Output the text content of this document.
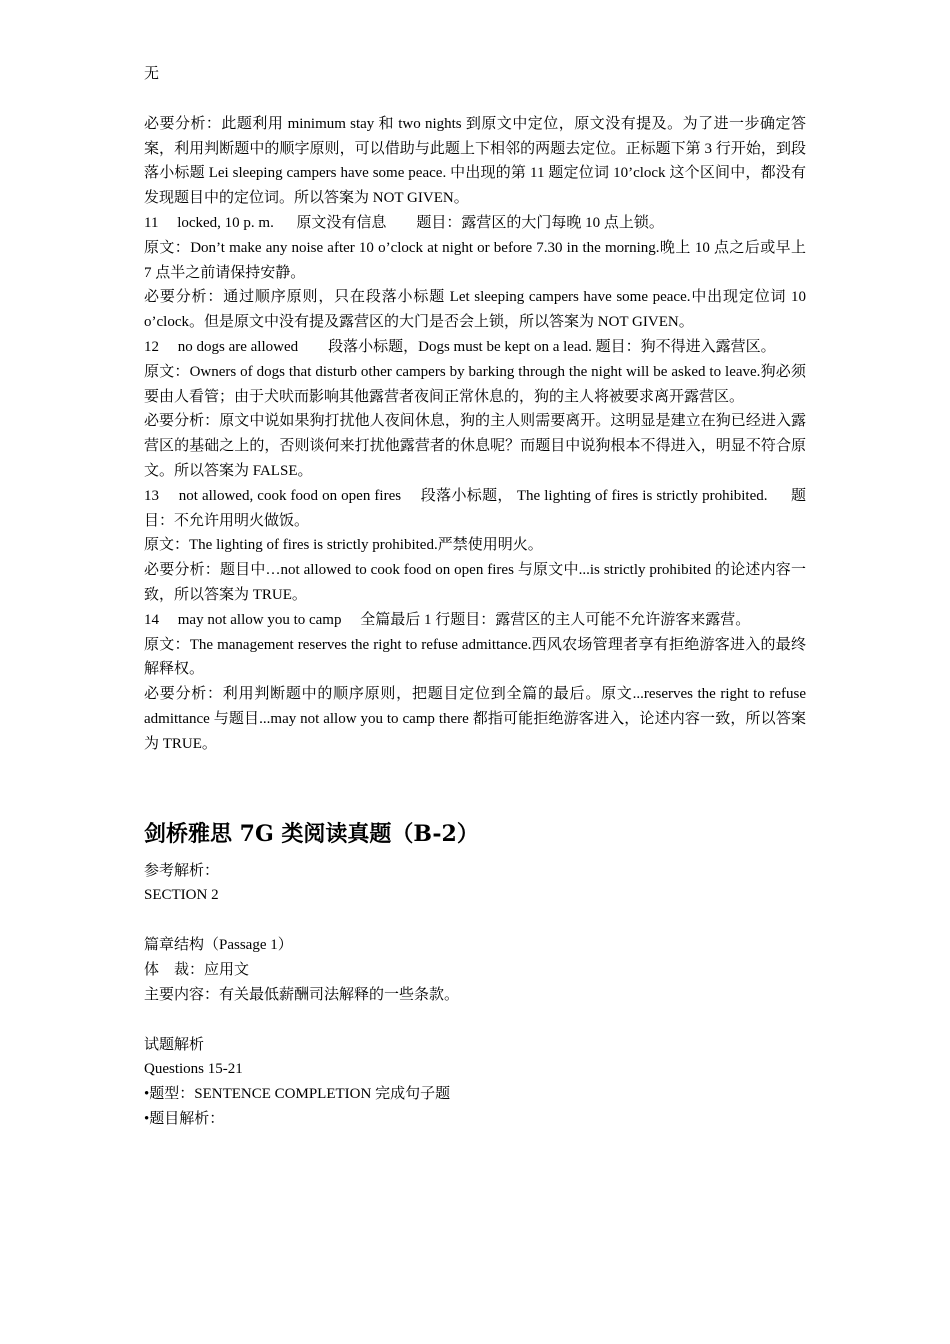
无

必要分析：此题利用 minimum stay 和 two nights 到原文中定位，原文没有提及。为了进一步确定答案，利用判断题中的顺字原则，可以借助与此题上下相邻的两题去定位。正标题下第 3 行开始，到段落小标题 Lei sleeping campers have some peace. 中出现的第 11 题定位词 10’clock 这个区间中，都没有发现题目中的定位词。所以答案为 NOT GIVEN。

11　 locked, 10 p. m. 　 原文没有信息　　题目：露营区的大门每晚 10 点上锁。

原文：Don’t make any noise after 10 o’clock at night or before 7.30 in the morning.晚上 10 点之后或早上 7 点半之前请保持安静。

必要分析：通过顺序原则，只在段落小标题 Let sleeping campers have some peace.中出现定位词 10 o’clock。但是原文中没有提及露营区的大门是否会上锁，所以答案为 NOT GIVEN。

12　 no dogs are allowed　　段落小标题，Dogs must be kept on a lead. 题目：狗不得进入露营区。

原文：Owners of dogs that disturb other campers by barking through the night will be asked to leave.狗必须要由人看管；由于犬吠而影响其他露营者夜间正常休息的，狗的主人将被要求离开露营区。

必要分析：原文中说如果狗打扰他人夜间休息，狗的主人则需要离开。这明显是建立在狗已经进入露营区的基础之上的，否则谈何来打扰他露营者的休息呢？而题目中说狗根本不得进入，明显不符合原文。所以答案为 FALSE。

13　 not allowed, cook food on open fires　 段落小标题， The lighting of fires is strictly prohibited. 　 题目：不允许用明火做饭。

原文：The lighting of fires is strictly prohibited.严禁使用明火。

必要分析：题目中…not allowed to cook food on open fires 与原文中...is strictly prohibited 的论述内容一致，所以答案为 TRUE。

14　 may not allow you to camp　 全篇最后 1 行题目：露营区的主人可能不允许游客来露营。

原文：The management reserves the right to refuse admittance.西风农场管理者享有拒绝游客进入的最终解释权。

必要分析：利用判断题中的顺序原则，把题目定位到全篇的最后。原文...reserves the right to refuse admittance 与题目...may not allow you to camp there 都指可能拒绝游客进入，论述内容一致，所以答案为 TRUE。

剑桥雅思 7G 类阅读真题（B-2）

参考解析：

SECTION 2

篇章结构（Passage 1）

体　裁：应用文

主要内容：有关最低薪酬司法解释的一些条款。

试题解析

Questions 15-21

•题型：SENTENCE COMPLETION 完成句子题

•题目解析：
